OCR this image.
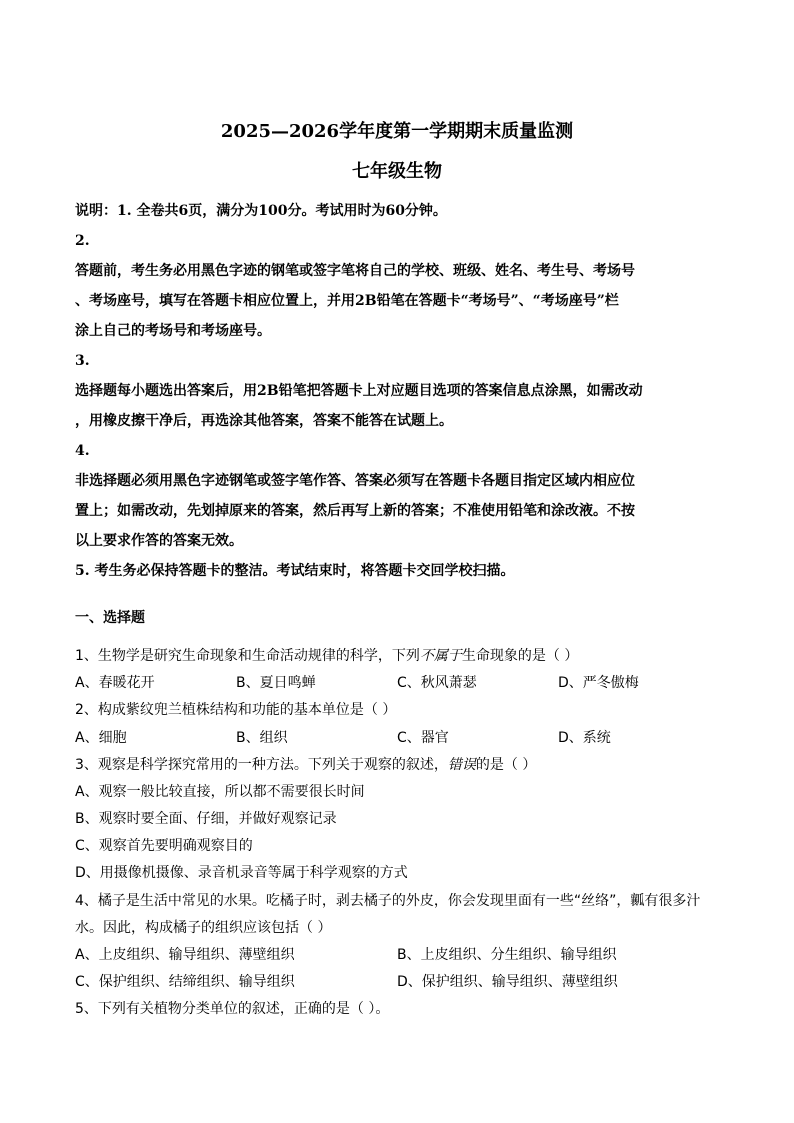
2025—2026学年度第一学期期末质量监测
七年级生物
说明：1. 全卷共6页，满分为100分。考试用时为60分钟。
2.
答题前，考生务必用黑色字迹的钢笔或签字笔将自己的学校、班级、姓名、考生号、考场号
、考场座号，填写在答题卡相应位置上，并用2B铅笔在答题卡“考场号”、“考场座号”栏
涂上自己的考场号和考场座号。
3.
选择题每小题选出答案后，用2B铅笔把答题卡上对应题目选项的答案信息点涂黑，如需改动
，用橡皮擦干净后，再选涂其他答案，答案不能答在试题上。
4.
非选择题必须用黑色字迹钢笔或签字笔作答、答案必须写在答题卡各题目指定区域内相应位
置上；如需改动，先划掉原来的答案，然后再写上新的答案；不准使用铅笔和涂改液。不按
以上要求作答的答案无效。
5. 考生务必保持答题卡的整洁。考试结束时，将答题卡交回学校扫描。
一、选择题
1、生物学是研究生命现象和生命活动规律的科学，下列不属于生命现象的是（ ）
A、春暖花开	B、夏日鸣蝉	C、秋风萧瑟	D、严冬傲梅
2、构成紫纹兜兰植株结构和功能的基本单位是（ ）
A、细胞	B、组织	C、器官	D、系统
3、观察是科学探究常用的一种方法。下列关于观察的叙述，错误的是（ ）
A、观察一般比较直接，所以都不需要很长时间
B、观察时要全面、仔细，并做好观察记录
C、观察首先要明确观察目的
D、用摄像机摄像、录音机录音等属于科学观察的方式
4、橘子是生活中常见的水果。吃橘子时，剥去橘子的外皮，你会发现里面有一些“丝络”，瓤有很多汁
水。因此，构成橘子的组织应该包括（ ）
A、上皮组织、输导组织、薄壁组织	B、上皮组织、分生组织、输导组织
C、保护组织、结缔组织、输导组织	D、保护组织、输导组织、薄壁组织
5、下列有关植物分类单位的叙述，正确的是（ ）。
